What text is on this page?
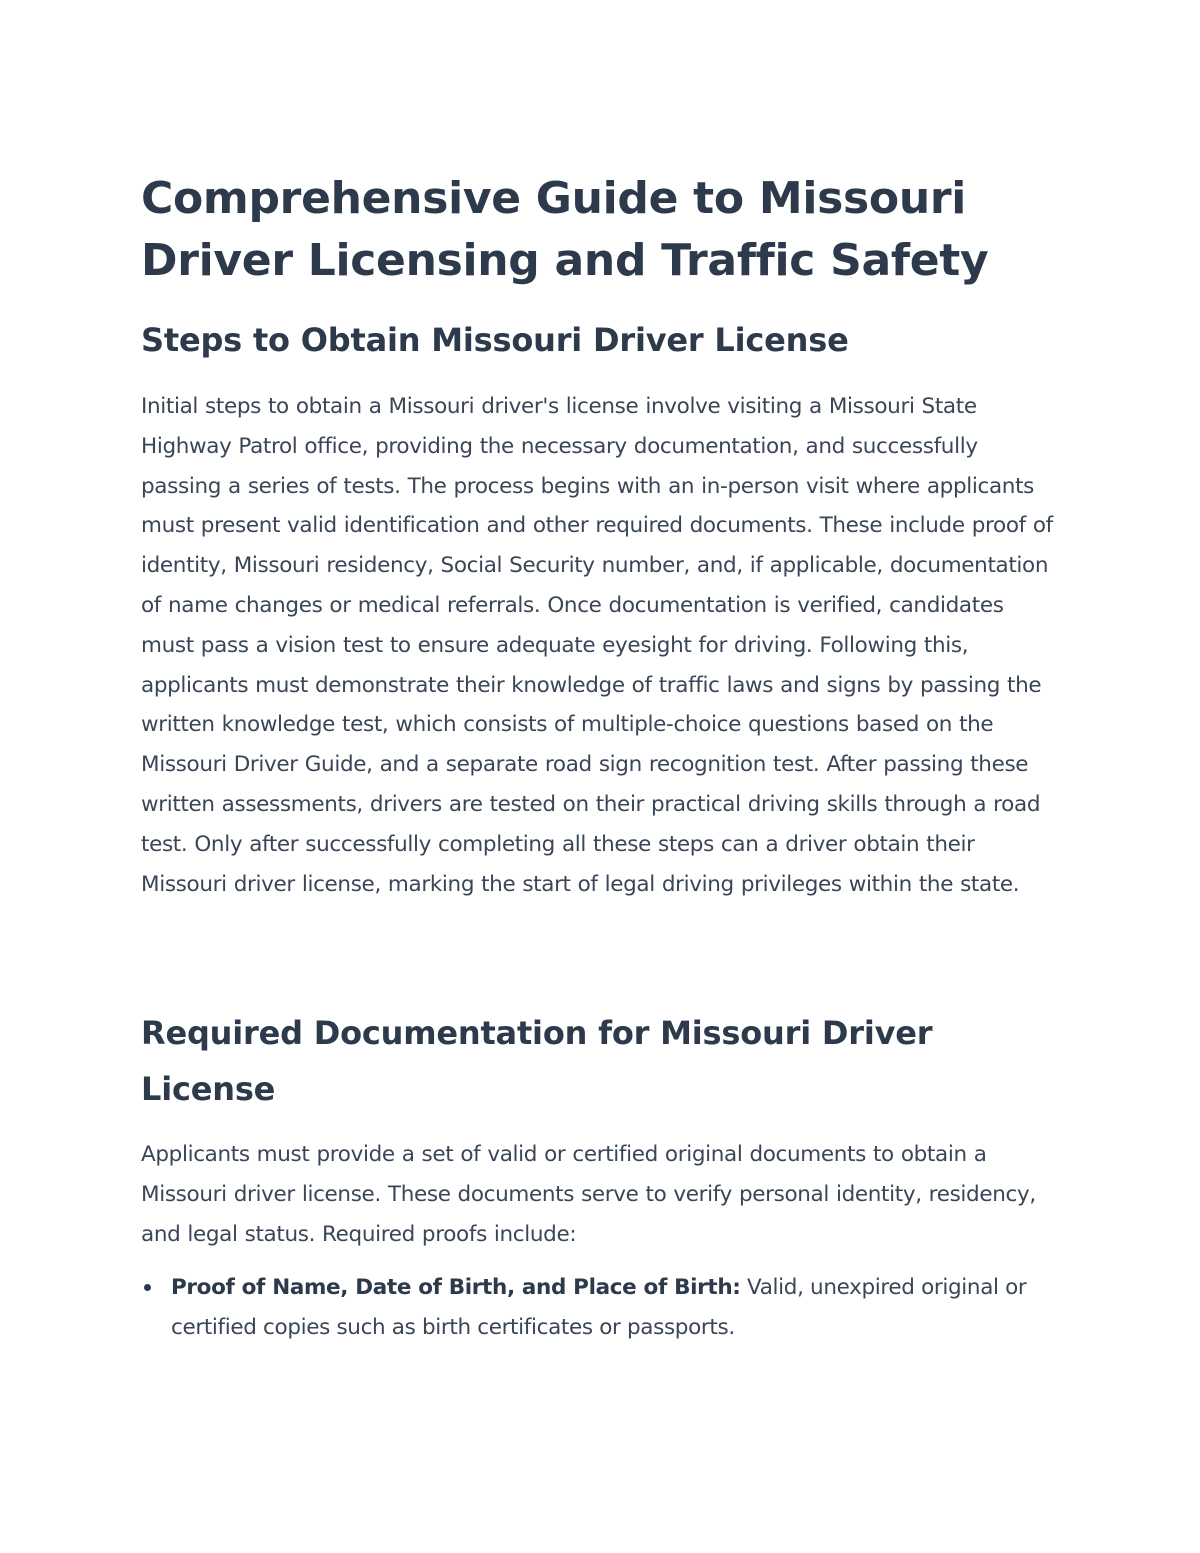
Comprehensive Guide to Missouri Driver Licensing and Traffic Safety
Steps to Obtain Missouri Driver License

Initial steps to obtain a Missouri driver's license involve visiting a Missouri State Highway Patrol office, providing the necessary documentation, and successfully passing a series of tests. The process begins with an in-person visit where applicants must present valid identification and other required documents. These include proof of identity, Missouri residency, Social Security number, and, if applicable, documentation of name changes or medical referrals. Once documentation is verified, candidates must pass a vision test to ensure adequate eyesight for driving. Following this, applicants must demonstrate their knowledge of traffic laws and signs by passing the written knowledge test, which consists of multiple-choice questions based on the Missouri Driver Guide, and a separate road sign recognition test. After passing these written assessments, drivers are tested on their practical driving skills through a road test. Only after successfully completing all these steps can a driver obtain their Missouri driver license, marking the start of legal driving privileges within the state.

Required Documentation for Missouri Driver License

Applicants must provide a set of valid or certified original documents to obtain a Missouri driver license. These documents serve to verify personal identity, residency, and legal status. Required proofs include:

Proof of Name, Date of Birth, and Place of Birth: Valid, unexpired original or certified copies such as birth certificates or passports.
